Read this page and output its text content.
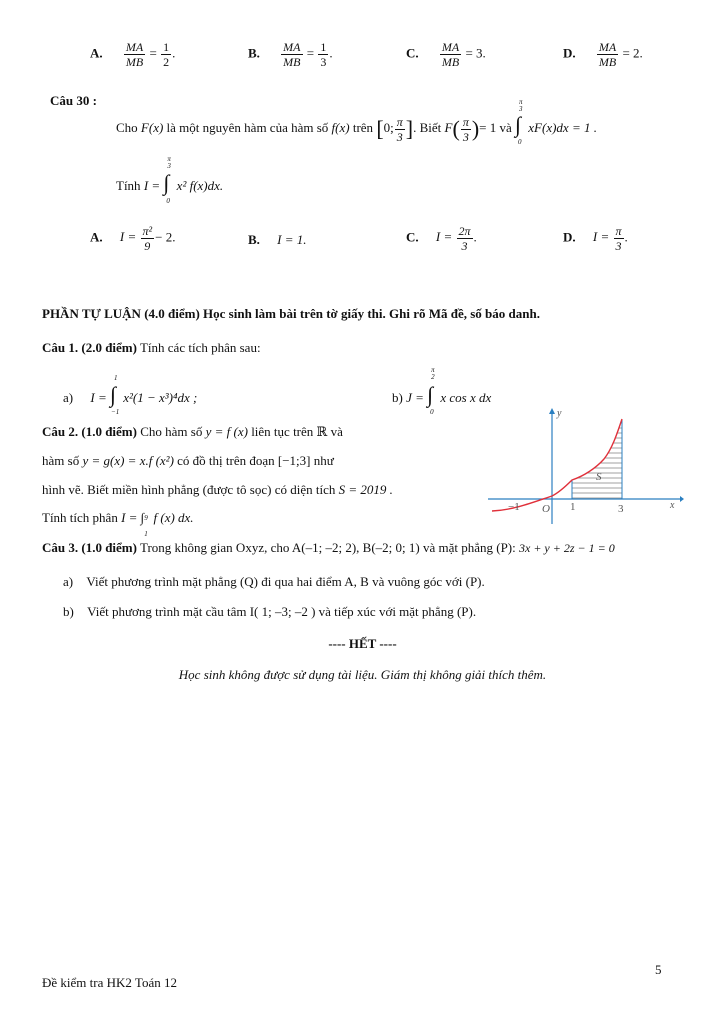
A. $\frac{MA}{MB} = \frac{1}{2}$ .	B. $\frac{MA}{MB} = \frac{1}{3}$ .	C. $\frac{MA}{MB} = 3$.	D. $\frac{MA}{MB} = 2$.
Câu 30 :
Cho F(x) là một nguyên hàm của hàm số f(x) trên [0; $\frac{\pi}{3}$ ]. Biết $F( \frac{\pi}{3}$ )= 1 và ∫
π
3
0
xF(x)dx = 1 .
Tính I = ∫
π
3
0
x² f(x)dx.
A. $I = \frac{\text{π²}}{9} - 2$.	B. I = 1.	C. $I = \frac{2\pi}{3}$ .	D. $I = \frac{\pi}{3}$ .
PHẦN TỰ LUẬN (4.0 điểm) Học sinh làm bài trên tờ giấy thi. Ghi rõ Mã đề, số báo danh.
Câu 1. (2.0 điểm) Tính các tích phân sau:
a) I = ∫
1
−1
x²(1 − x³)⁴dx ;	b) J = ∫
π
2
0
x cos x dx
Câu 2. (1.0 điểm) Cho hàm số y = f (x) liên tục trên ℝ và
hàm số y = g(x) = x.f (x²) có đồ thị trên đoạn [−1;3] như
hình vẽ. Biết miền hình phẳng (được tô sọc) có diện tích S = 2019 .
Tính tích phân I = ∫ 9
1
f (x) dx.
y
x
O
−1	1	3
S
Câu 3. (1.0 điểm) Trong không gian Oxyz, cho A(–1; –2; 2), B(–2; 0; 1) và mặt phẳng (P): 3x + y + 2z − 1 = 0
a) Viết phương trình mặt phẳng (Q) đi qua hai điểm A, B và vuông góc với (P).
b) Viết phương trình mặt cầu tâm I( 1; –3; –2 ) và tiếp xúc với mặt phẳng (P).
---- HẾT ----
Học sinh không được sử dụng tài liệu. Giám thị không giải thích thêm.
5
Đề kiểm tra HK2 Toán 12
